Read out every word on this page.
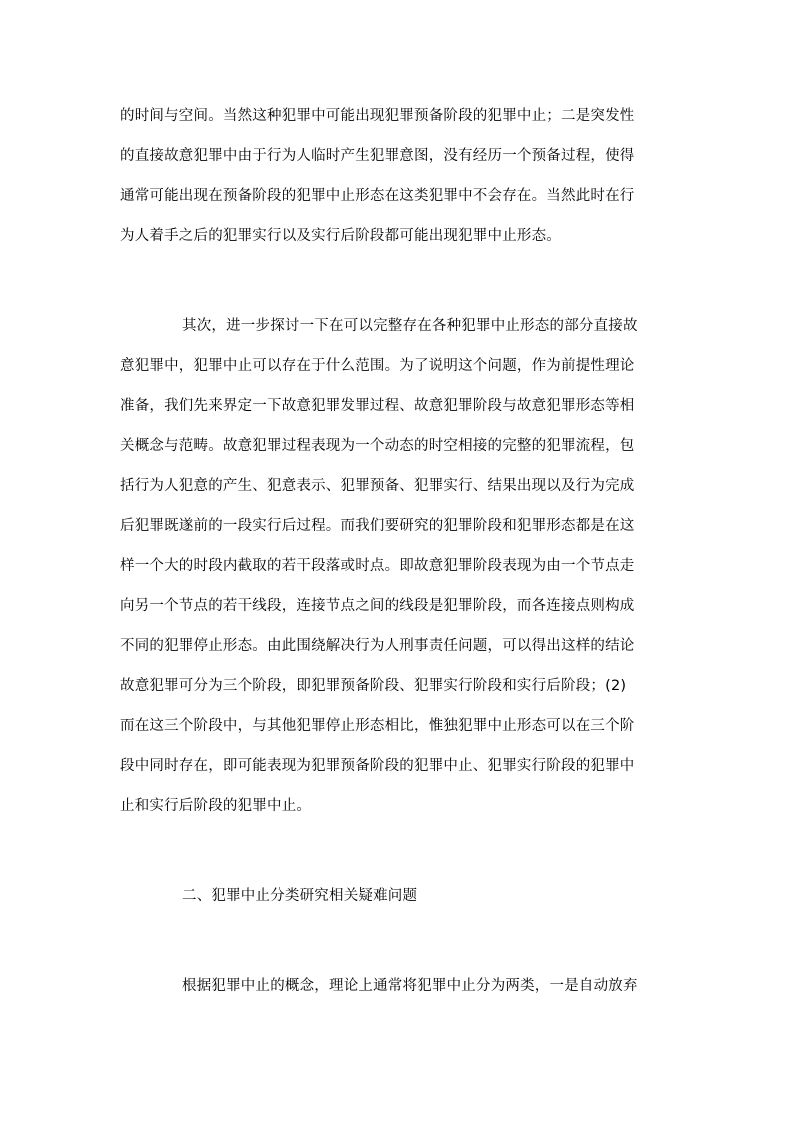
的时间与空间。当然这种犯罪中可能出现犯罪预备阶段的犯罪中止；二是突发性
的直接故意犯罪中由于行为人临时产生犯罪意图，没有经历一个预备过程，使得
通常可能出现在预备阶段的犯罪中止形态在这类犯罪中不会存在。当然此时在行
为人着手之后的犯罪实行以及实行后阶段都可能出现犯罪中止形态。
其次，进一步探讨一下在可以完整存在各种犯罪中止形态的部分直接故
意犯罪中，犯罪中止可以存在于什么范围。为了说明这个问题，作为前提性理论
准备，我们先来界定一下故意犯罪发罪过程、故意犯罪阶段与故意犯罪形态等相
关概念与范畴。故意犯罪过程表现为一个动态的时空相接的完整的犯罪流程，包
括行为人犯意的产生、犯意表示、犯罪预备、犯罪实行、结果出现以及行为完成
后犯罪既遂前的一段实行后过程。而我们要研究的犯罪阶段和犯罪形态都是在这
样一个大的时段内截取的若干段落或时点。即故意犯罪阶段表现为由一个节点走
向另一个节点的若干线段，连接节点之间的线段是犯罪阶段，而各连接点则构成
不同的犯罪停止形态。由此围绕解决行为人刑事责任问题，可以得出这样的结论
故意犯罪可分为三个阶段，即犯罪预备阶段、犯罪实行阶段和实行后阶段；(2)
而在这三个阶段中，与其他犯罪停止形态相比，惟独犯罪中止形态可以在三个阶
段中同时存在，即可能表现为犯罪预备阶段的犯罪中止、犯罪实行阶段的犯罪中
止和实行后阶段的犯罪中止。
二、犯罪中止分类研究相关疑难问题
根据犯罪中止的概念，理论上通常将犯罪中止分为两类，一是自动放弃
